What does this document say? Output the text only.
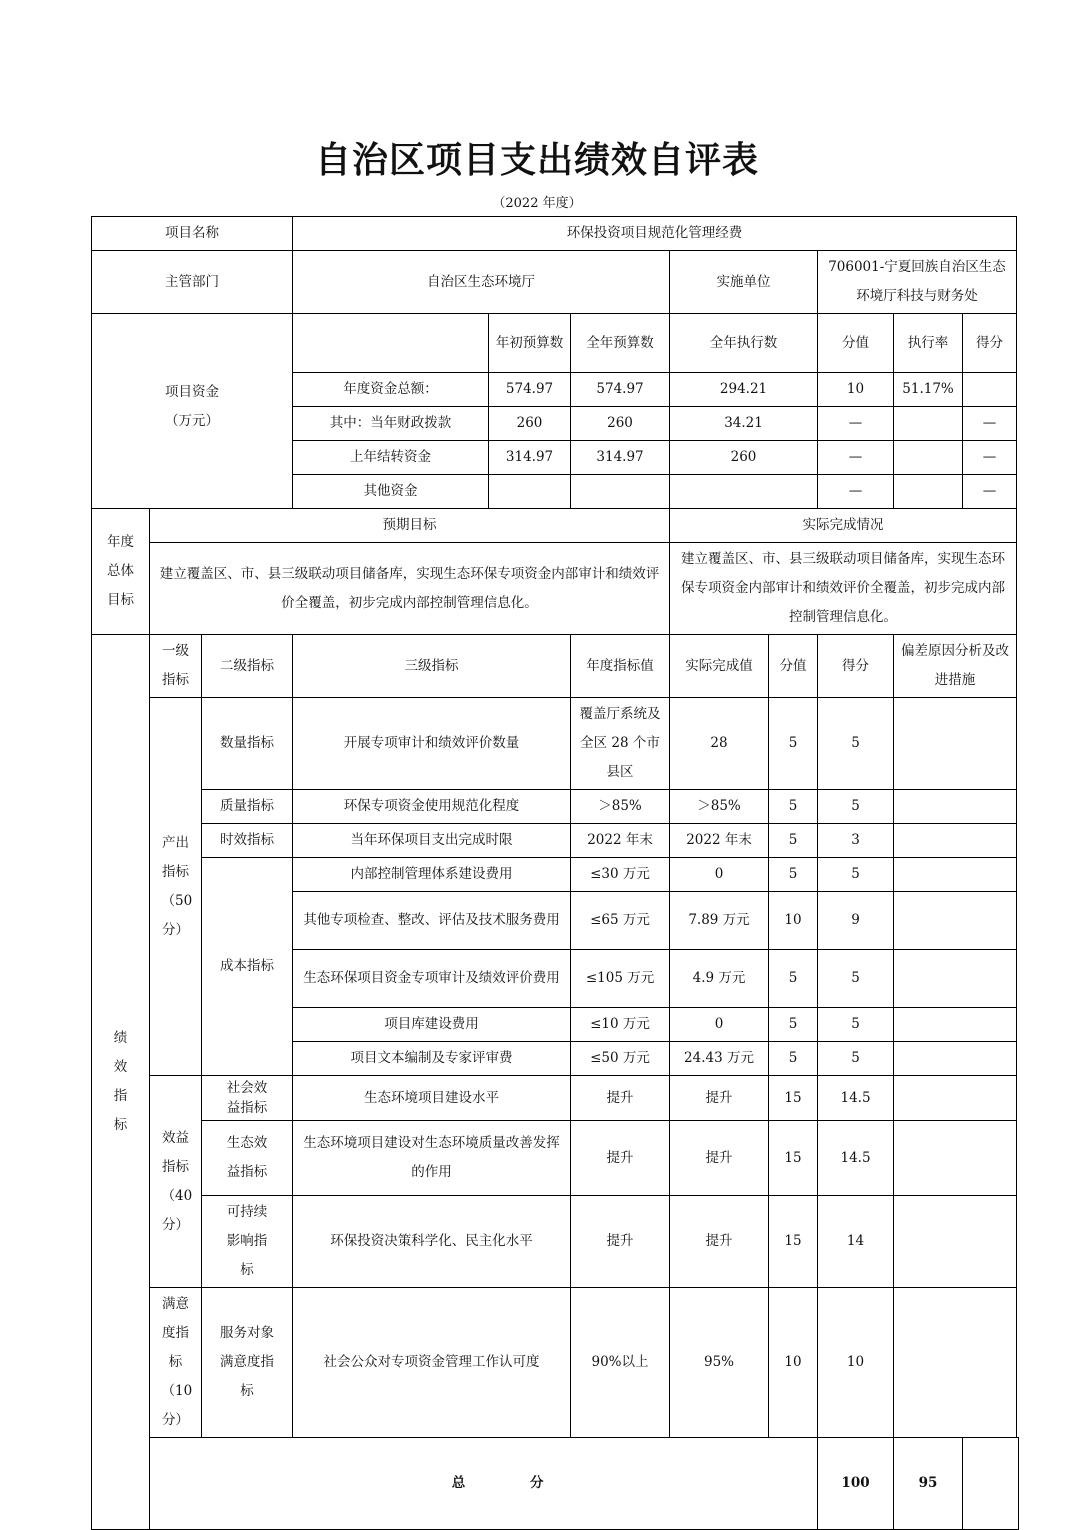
自治区项目支出绩效自评表
（2022 年度）
项目名称			环保投资项目规范化管理经费							
主管部门			自治区生态环境厅			实施单位		706001-宁夏回族自治区生态环境厅科技与财务处		

项目资金（万元）				年初预算数	全年预算数	全年执行数		分值	执行率	得分
			年度资金总额：	574.97	574.97	294.21		10	51.17%	
			其中：当年财政拨款	260	260	34.21		—		—
			上年结转资金	314.97	314.97	260		—		—
			其他资金					—		—

年度总体目标	预期目标					实际完成情况				
	建立覆盖区、市、县三级联动项目储备库，实现生态环保专项资金内部审计和绩效评价全覆盖，初步完成内部控制管理信息化。					建立覆盖区、市、县三级联动项目储备库，实现生态环保专项资金内部审计和绩效评价全覆盖，初步完成内部控制管理信息化。				

绩效指标	一级指标	二级指标	三级指标		年度指标值	实际完成值	分值	得分	偏差原因分析及改进措施	

	产出指标（50分）	数量指标	开展专项审计和绩效评价数量		覆盖厅系统及全区 28 个市县区	28	5	5		
		质量指标	环保专项资金使用规范化程度		＞85%	＞85%	5	5		
		时效指标	当年环保项目支出完成时限		2022 年末	2022 年末	5	3		
		成本指标	内部控制管理体系建设费用		≤30 万元	0	5	5		
			其他专项检查、整改、评估及技术服务费用		≤65 万元	7.89 万元	10	9		
			生态环保项目资金专项审计及绩效评价费用		≤105 万元	4.9 万元	5	5		
			项目库建设费用		≤10 万元	0	5	5		
			项目文本编制及专家评审费		≤50 万元	24.43 万元	5	5		

	效益指标（40分）	社会效益指标	生态环境项目建设水平		提升	提升	15	14.5		
		生态效益指标	生态环境项目建设对生态环境质量改善发挥的作用		提升	提升	15	14.5		
		可持续影响指标	环保投资决策科学化、民主化水平		提升	提升	15	14		

	满意度指标（10分）	服务对象满意度指标	社会公众对专项资金管理工作认可度		90%以上	95%	10	10		

总 分							100	95	
